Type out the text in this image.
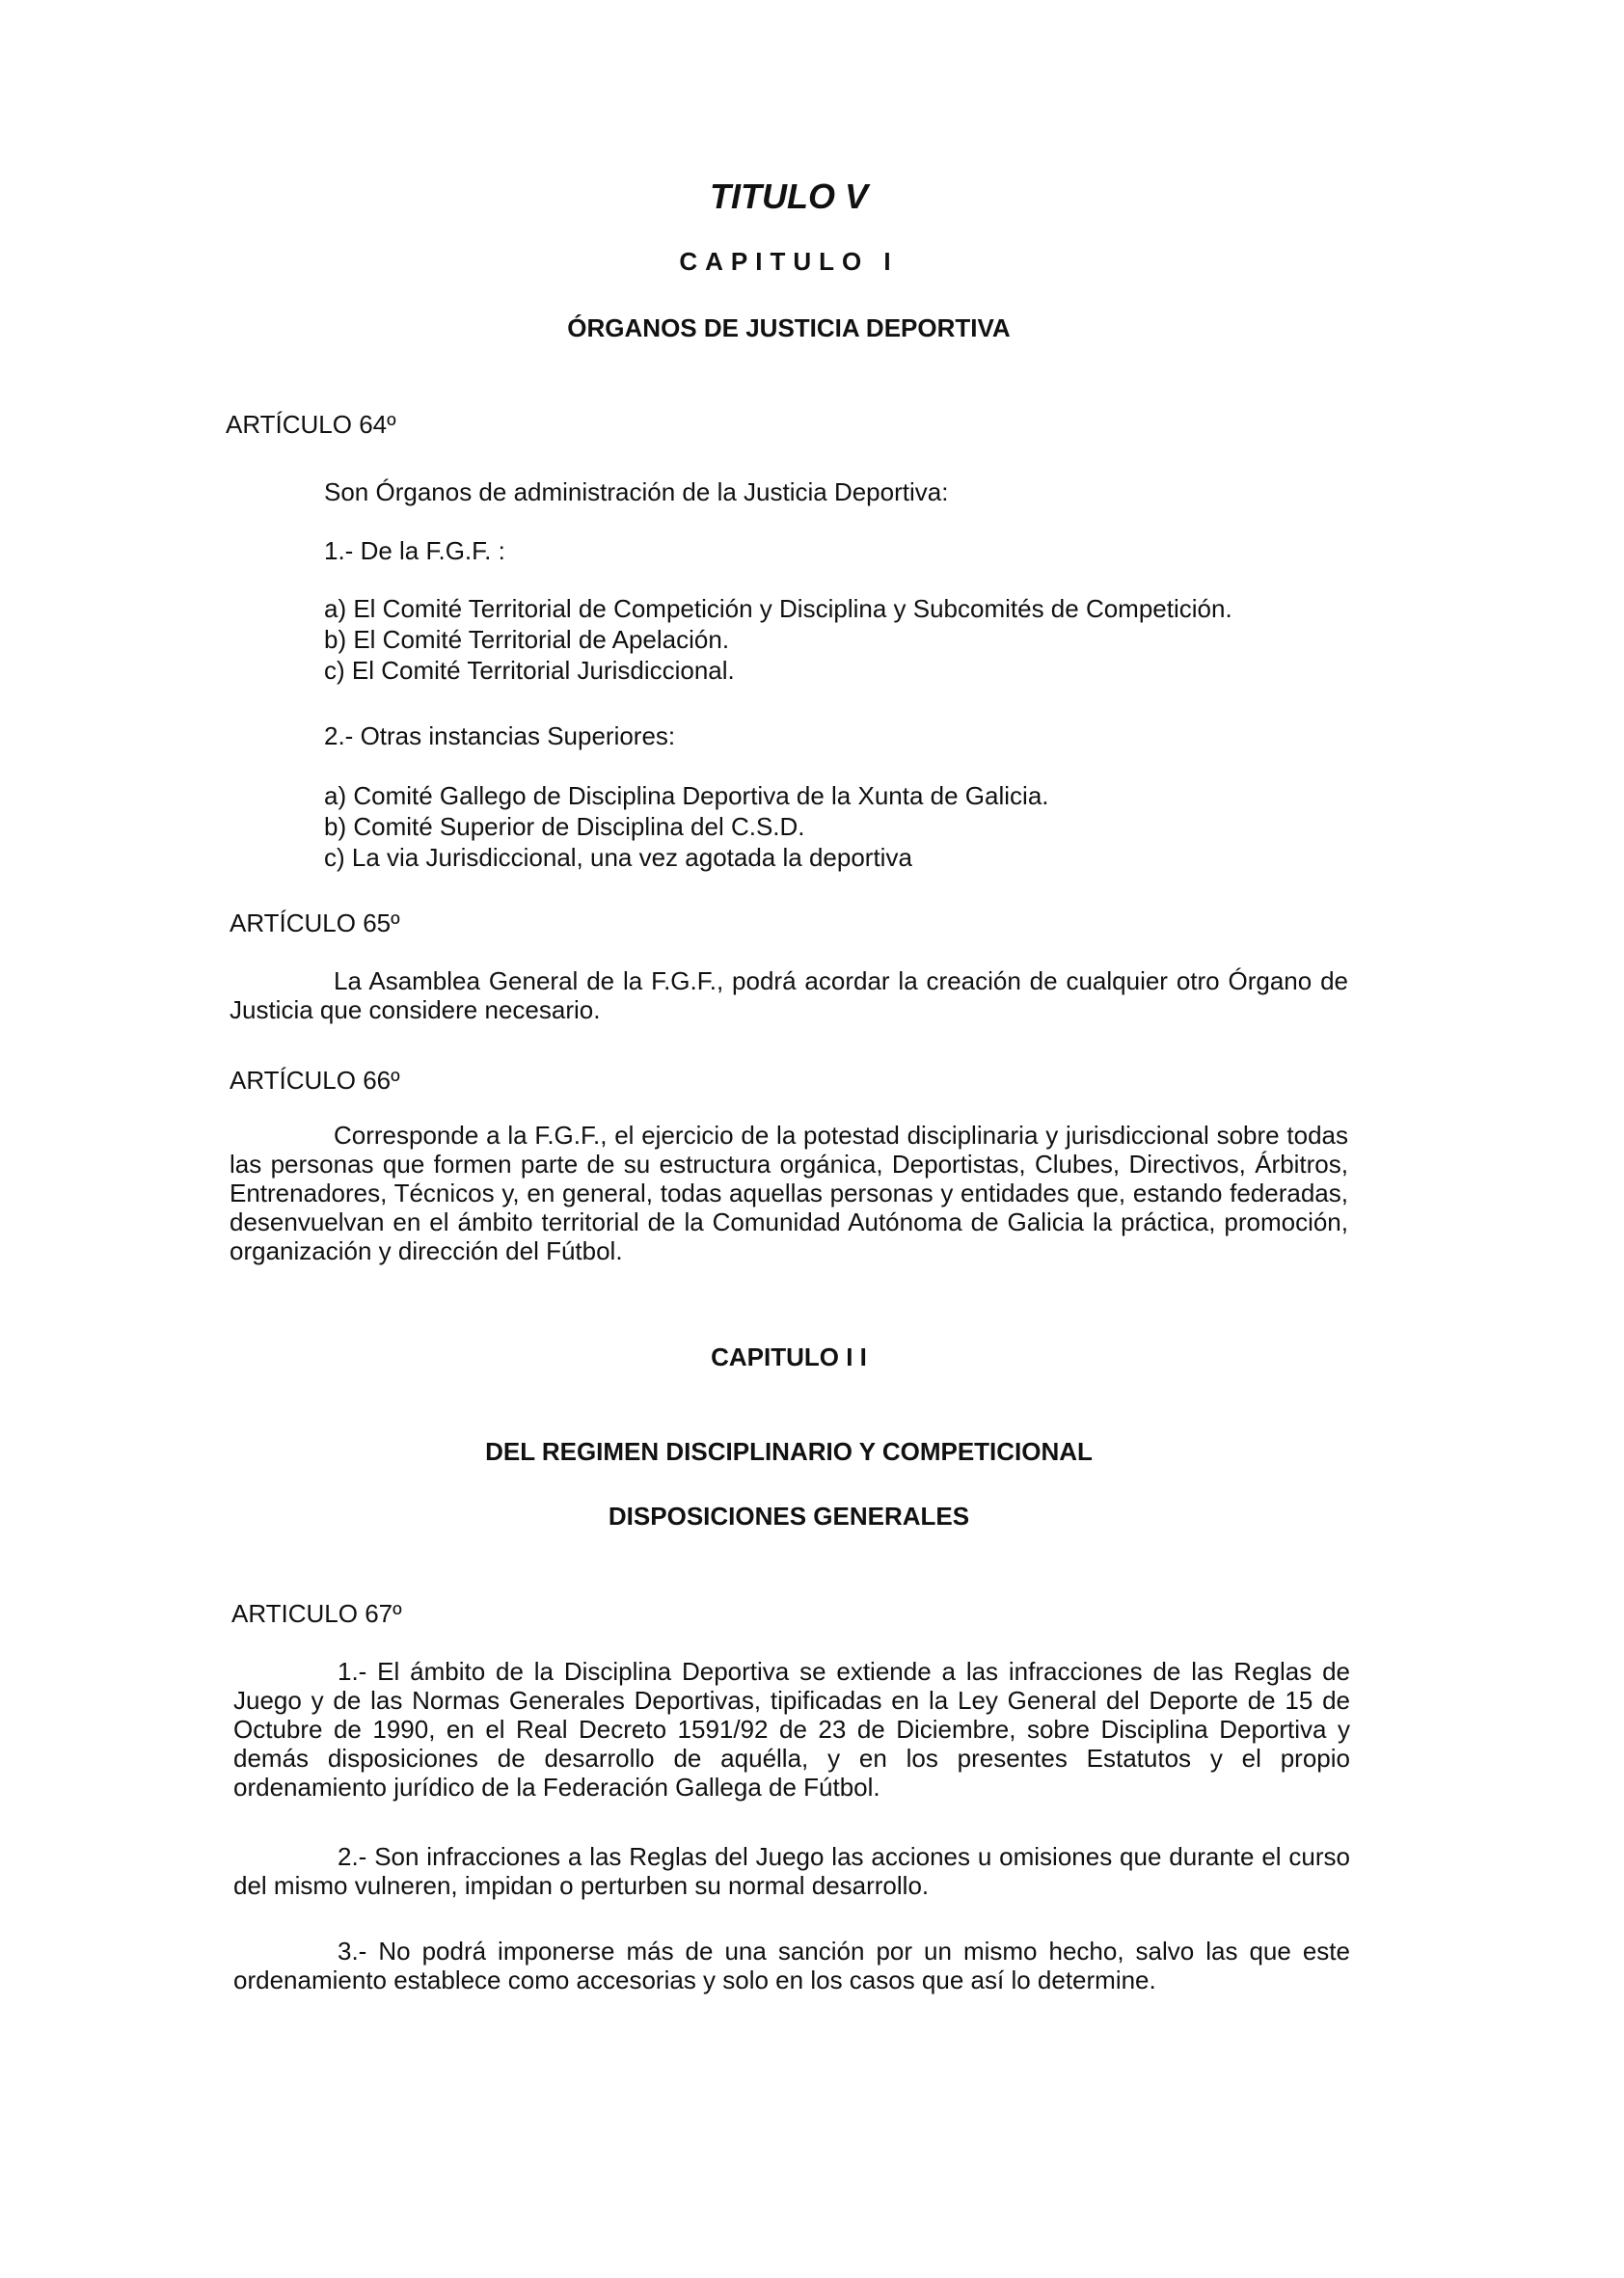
TITULO V
CAPITULO I
ÓRGANOS DE JUSTICIA DEPORTIVA
ARTÍCULO 64º
Son Órganos de administración de la Justicia Deportiva:
1.- De la F.G.F. :
a) El Comité Territorial de Competición y Disciplina y Subcomités de Competición.
b) El Comité Territorial de Apelación.
c) El Comité Territorial Jurisdiccional.
2.- Otras instancias Superiores:
a) Comité Gallego de Disciplina Deportiva de la Xunta de Galicia.
b) Comité Superior de Disciplina del C.S.D.
c) La via Jurisdiccional, una vez agotada la deportiva
ARTÍCULO 65º
La Asamblea General de la F.G.F., podrá acordar la creación de cualquier otro Órgano de Justicia que considere necesario.
ARTÍCULO 66º
Corresponde a la F.G.F., el ejercicio de la potestad disciplinaria y jurisdiccional sobre todas las personas que formen parte de su estructura orgánica, Deportistas, Clubes, Directivos, Árbitros, Entrenadores, Técnicos y, en general, todas aquellas personas y entidades que, estando federadas, desenvuelvan en el ámbito territorial de la Comunidad Autónoma de Galicia la práctica, promoción, organización y dirección del Fútbol.
CAPITULO I I
DEL REGIMEN DISCIPLINARIO Y COMPETICIONAL
DISPOSICIONES GENERALES
ARTICULO 67º
1.- El ámbito de la Disciplina Deportiva se extiende a las infracciones de las Reglas de Juego y de las Normas Generales Deportivas, tipificadas en la Ley General del Deporte de 15 de Octubre de 1990, en el Real Decreto 1591/92 de 23 de Diciembre, sobre Disciplina Deportiva y demás disposiciones de desarrollo de aquélla, y en los presentes Estatutos y el propio ordenamiento jurídico de la Federación Gallega de Fútbol.
2.- Son infracciones a las Reglas del Juego las acciones u omisiones que durante el curso del mismo vulneren, impidan o perturben su normal desarrollo.
3.- No podrá imponerse más de una sanción por un mismo hecho, salvo las que este ordenamiento establece como accesorias y solo en los casos que así lo determine.
